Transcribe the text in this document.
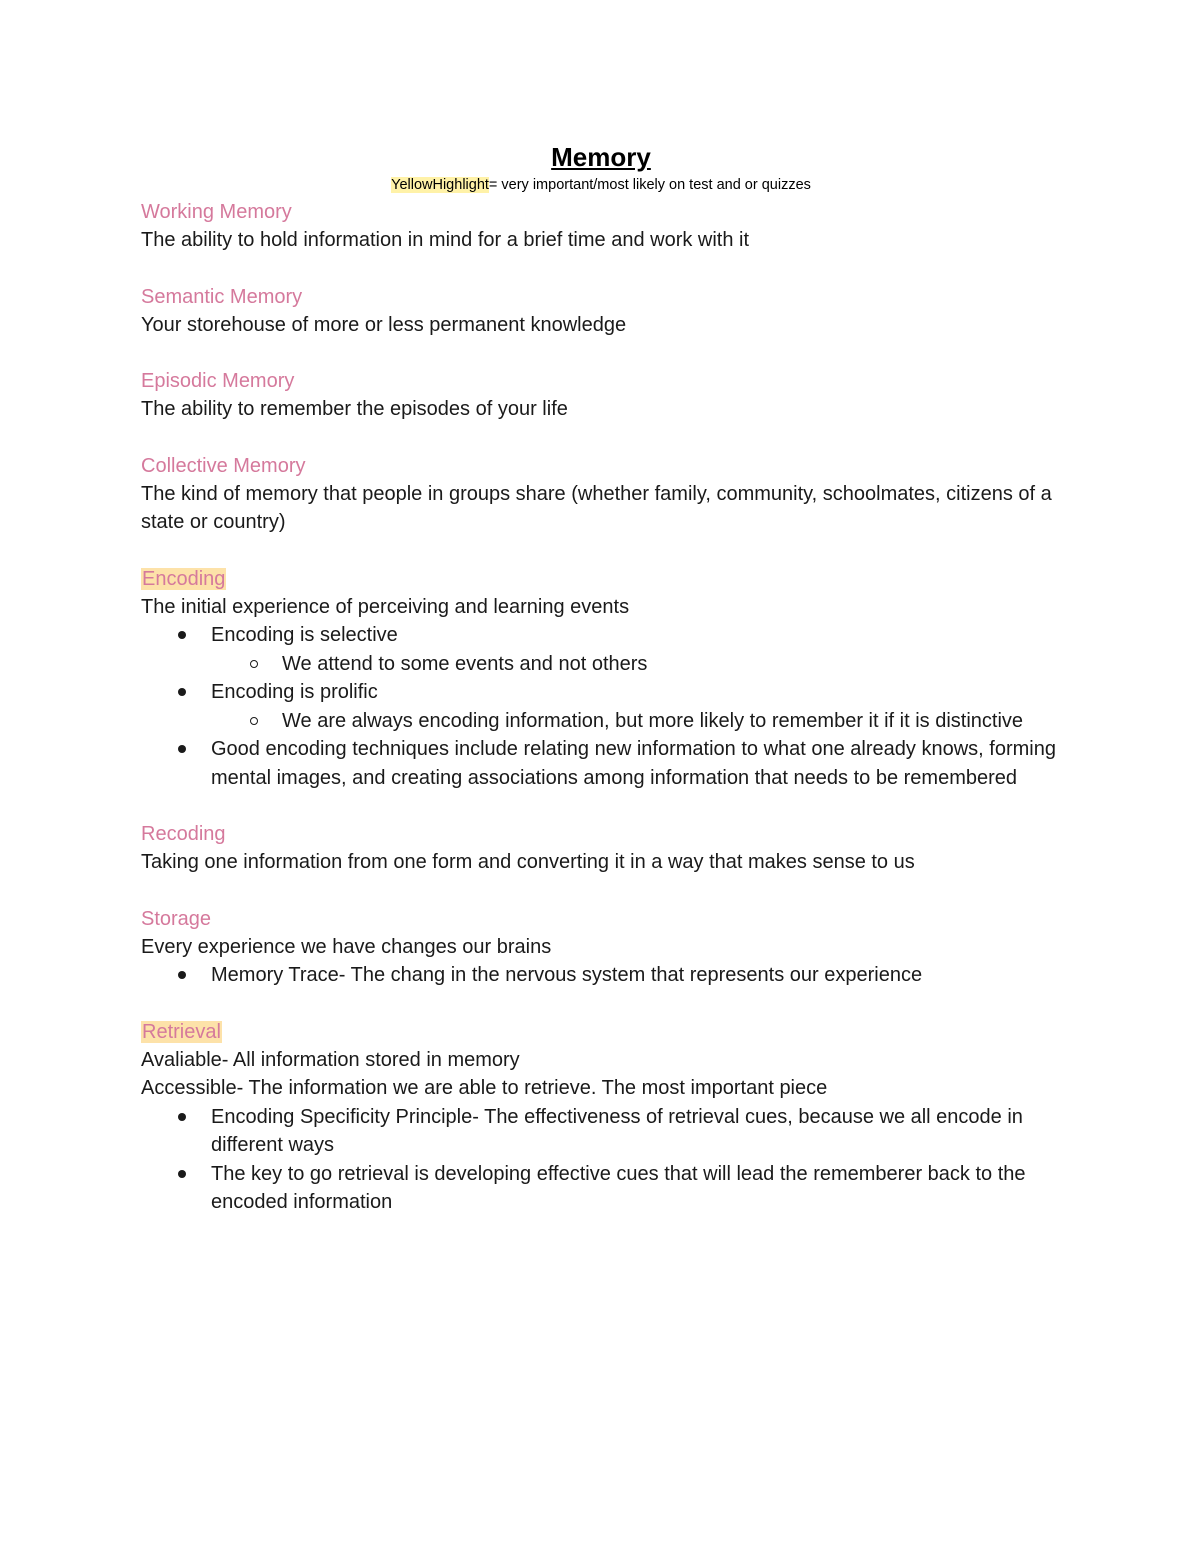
Memory

YellowHighlight= very important/most likely on test and or quizzes

Working Memory

The ability to hold information in mind for a brief time and work with it

Semantic Memory

Your storehouse of more or less permanent knowledge

Episodic Memory

The ability to remember the episodes of your life

Collective Memory

The kind of memory that people in groups share (whether family, community, schoolmates, citizens of a state or country)

Encoding

The initial experience of perceiving and learning events

Encoding is selective
We attend to some events and not others
Encoding is prolific
We are always encoding information, but more likely to remember it if it is distinctive
Good encoding techniques include relating new information to what one already knows, forming mental images, and creating associations among information that needs to be remembered

Recoding

Taking one information from one form and converting it in a way that makes sense to us

Storage

Every experience we have changes our brains

Memory Trace- The chang in the nervous system that represents our experience

Retrieval

Avaliable- All information stored in memory

Accessible- The information we are able to retrieve. The most important piece

Encoding Specificity Principle- The effectiveness of retrieval cues, because we all encode in different ways
The key to go retrieval is developing effective cues that will lead the rememberer back to the encoded information
